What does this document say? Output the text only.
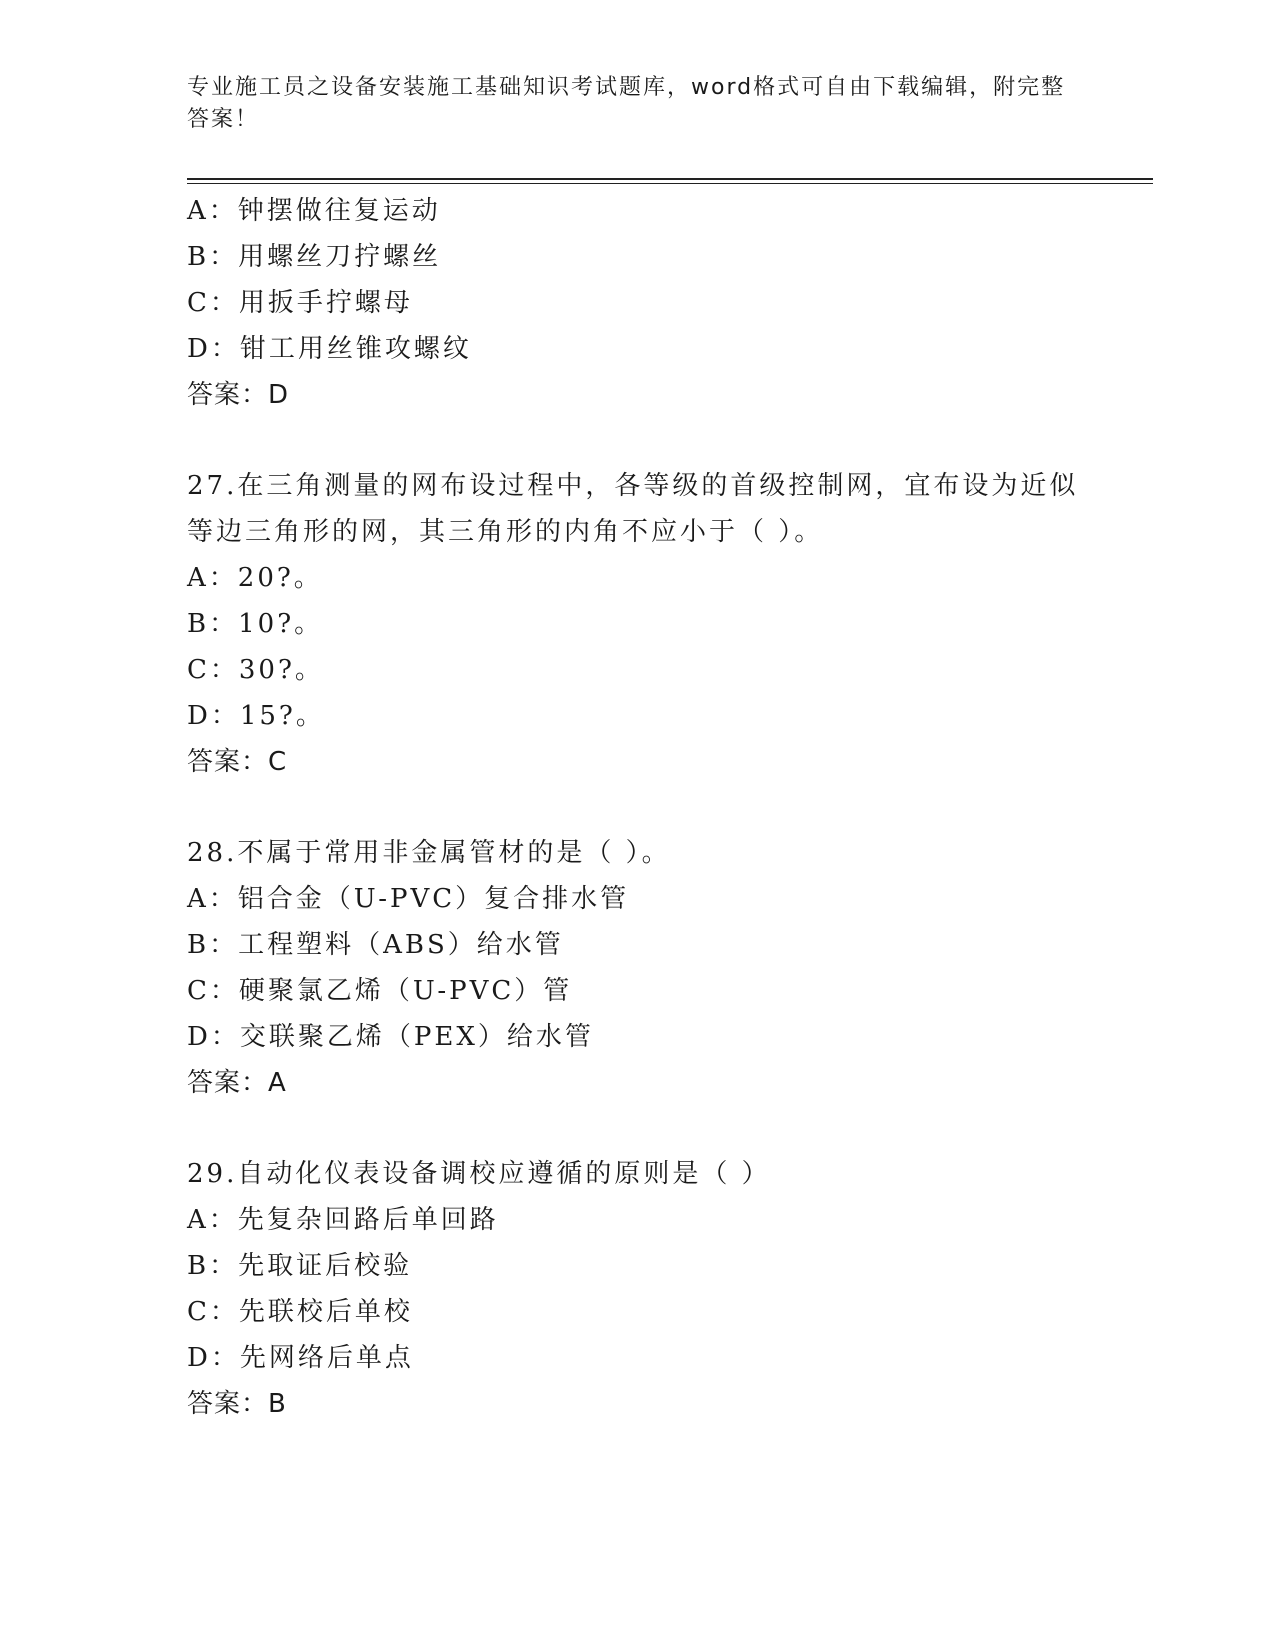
专业施工员之设备安装施工基础知识考试题库，word格式可自由下载编辑，附完整答案！
A：钟摆做往复运动
B：用螺丝刀拧螺丝
C：用扳手拧螺母
D：钳工用丝锥攻螺纹
答案：D
27.在三角测量的网布设过程中，各等级的首级控制网，宜布设为近似
等边三角形的网，其三角形的内角不应小于（ ）。
A：20?。
B：10?。
C：30?。
D：15?。
答案：C
28.不属于常用非金属管材的是（ ）。
A：铝合金（U-PVC）复合排水管
B：工程塑料（ABS）给水管
C：硬聚氯乙烯（U-PVC）管
D：交联聚乙烯（PEX）给水管
答案：A
29.自动化仪表设备调校应遵循的原则是（ ）
A：先复杂回路后单回路
B：先取证后校验
C：先联校后单校
D：先网络后单点
答案：B
